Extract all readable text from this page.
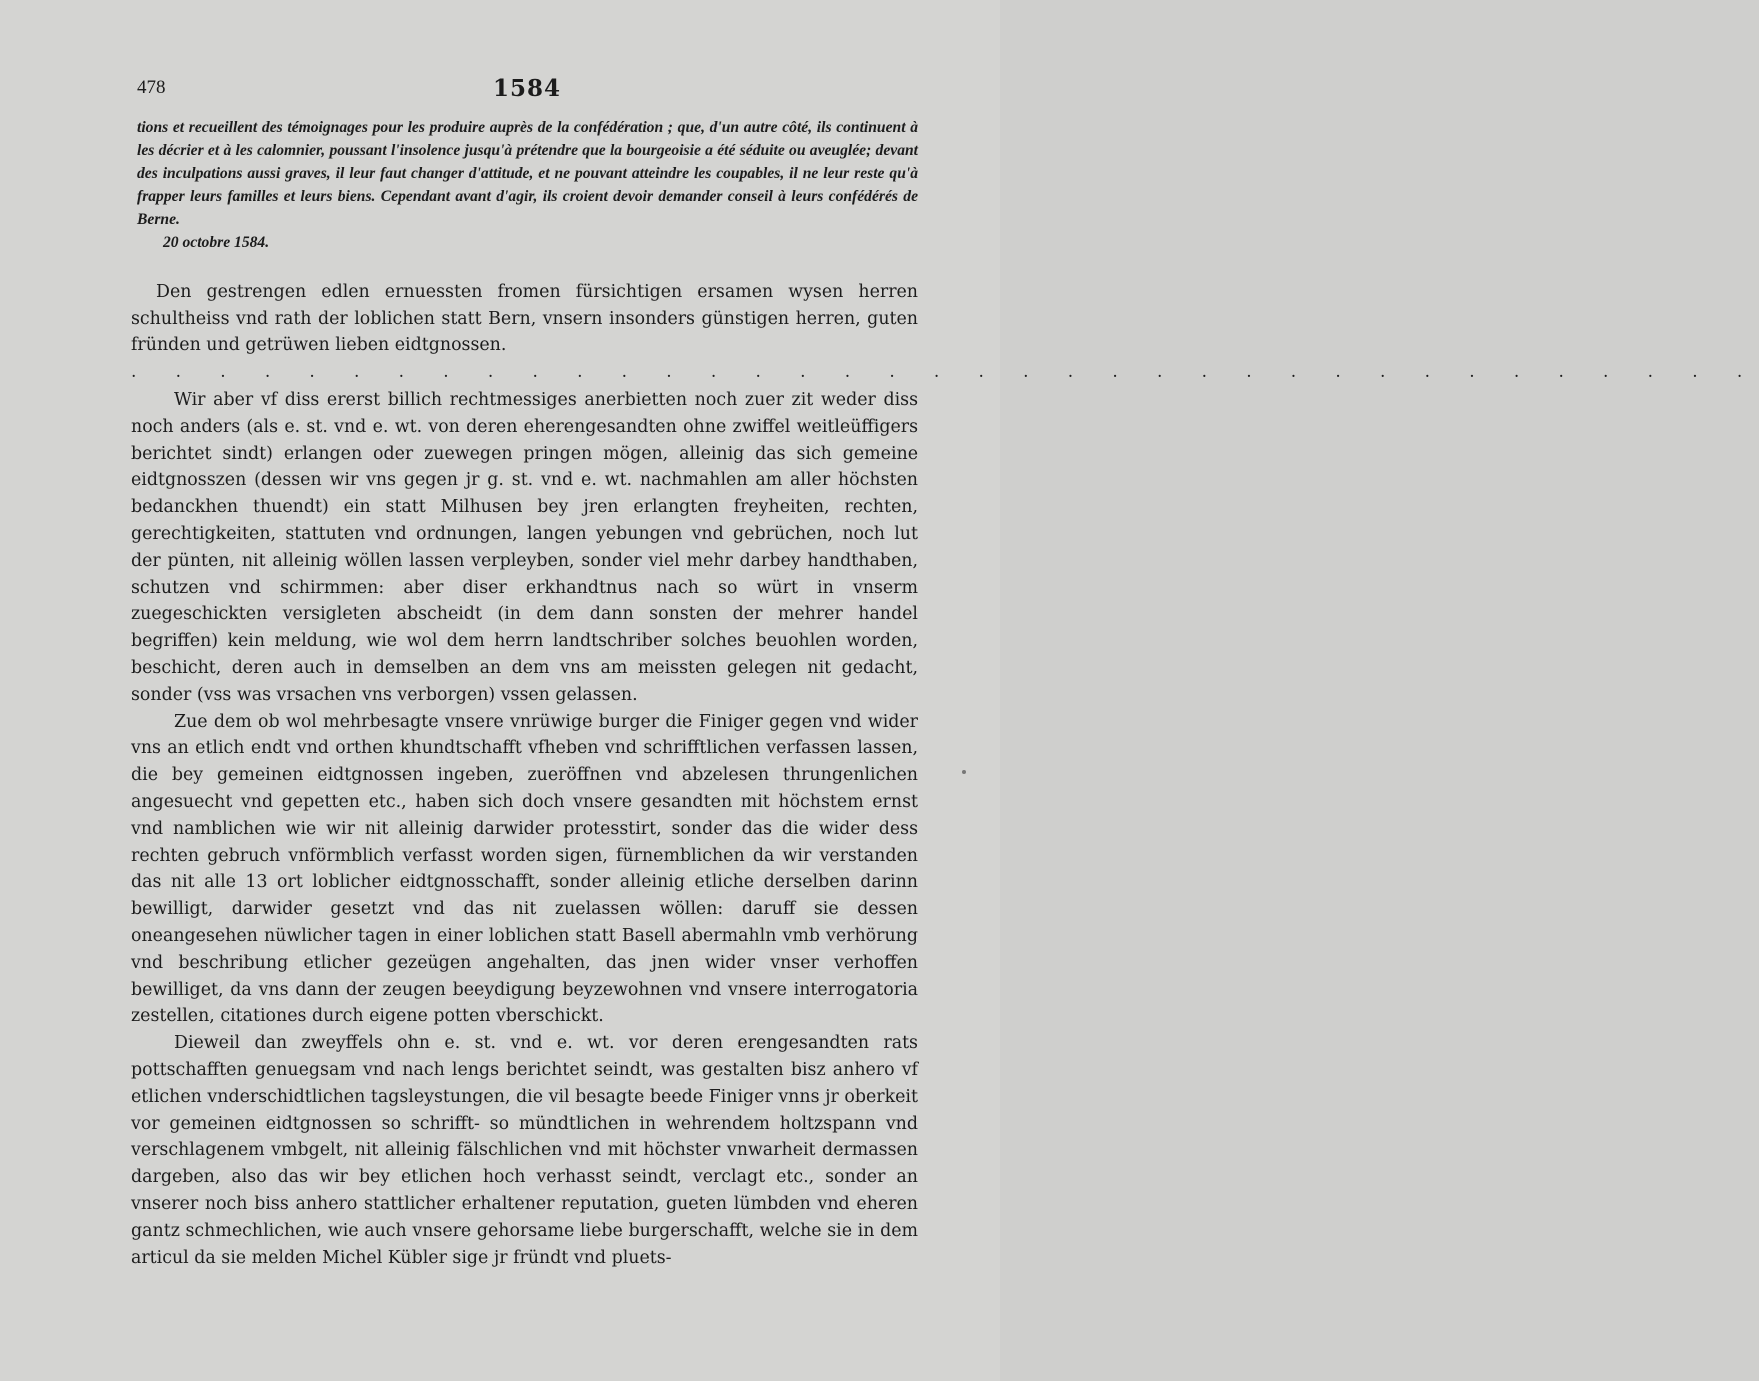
478	1584

tions et recueillent des témoignages pour les produire auprès de la confédération ; que, d'un autre côté, ils continuent à les décrier et à les calomnier, poussant l'insolence jusqu'à prétendre que la bourgeoisie a été séduite ou aveuglée; devant des inculpations aussi graves, il leur faut changer d'attitude, et ne pouvant atteindre les coupables, il ne leur reste qu'à frapper leurs familles et leurs biens. Cependant avant d'agir, ils croient devoir demander conseil à leurs confédérés de Berne.

20 octobre 1584.

Den gestrengen edlen ernuessten fromen fürsichtigen ersamen wysen herren schultheiss vnd rath der loblichen statt Bern, vnsern insonders günstigen herren, guten fründen und getrüwen lieben eidtgnossen.

. . . . . . . . . . . . . . . . . . . . . . . . . . . . . . . . . . . . .

Wir aber vf diss ererst billich rechtmessiges anerbietten noch zuer zit weder diss noch anders (als e. st. vnd e. wt. von deren eherengesandten ohne zwiffel weitleüffigers berichtet sindt) erlangen oder zuewegen pringen mögen, alleinig das sich gemeine eidtgnosszen (dessen wir vns gegen jr g. st. vnd e. wt. nachmahlen am aller höchsten bedanckhen thuendt) ein statt Milhusen bey jren erlangten freyheiten, rechten, gerechtigkeiten, stattuten vnd ordnungen, langen yebungen vnd gebrüchen, noch lut der pünten, nit alleinig wöllen lassen verpleyben, sonder viel mehr darbey handthaben, schutzen vnd schirmmen: aber diser erkhandtnus nach so würt in vnserm zuegeschickten versigleten abscheidt (in dem dann sonsten der mehrer handel begriffen) kein meldung, wie wol dem herrn landtschriber solches beuohlen worden, beschicht, deren auch in demselben an dem vns am meissten gelegen nit gedacht, sonder (vss was vrsachen vns verborgen) vssen gelassen.

Zue dem ob wol mehrbesagte vnsere vnrüwige burger die Finiger gegen vnd wider vns an etlich endt vnd orthen khundtschafft vfheben vnd schrifftlichen verfassen lassen, die bey gemeinen eidtgnossen ingeben, zueröffnen vnd abzelesen thrungenlichen angesuecht vnd gepetten etc., haben sich doch vnsere gesandten mit höchstem ernst vnd namblichen wie wir nit alleinig darwider protesstirt, sonder das die wider dess rechten gebruch vnförmblich verfasst worden sigen, fürnemblichen da wir verstanden das nit alle 13 ort loblicher eidtgnosschafft, sonder alleinig etliche derselben darinn bewilligt, darwider gesetzt vnd das nit zuelassen wöllen: daruff sie dessen oneangesehen nüwlicher tagen in einer loblichen statt Basell abermahln vmb verhörung vnd beschribung etlicher gezeügen angehalten, das jnen wider vnser verhoffen bewilliget, da vns dann der zeugen beeydigung beyzewohnen vnd vnsere interrogatoria zestellen, citationes durch eigene potten vberschickt.

Dieweil dan zweyffels ohn e. st. vnd e. wt. vor deren erengesandten rats pottschafften genuegsam vnd nach lengs berichtet seindt, was gestalten bisz anhero vf etlichen vnderschidtlichen tagsleystungen, die vil besagte beede Finiger vnns jr oberkeit vor gemeinen eidtgnossen so schrifft- so mündtlichen in wehrendem holtzspann vnd verschlagenem vmbgelt, nit alleinig fälschlichen vnd mit höchster vnwarheit dermassen dargeben, also das wir bey etlichen hoch verhasst seindt, verclagt etc., sonder an vnserer noch biss anhero stattlicher erhaltener reputation, gueten lümbden vnd eheren gantz schmechlichen, wie auch vnsere gehorsame liebe burgerschafft, welche sie in dem articul da sie melden Michel Kübler sige jr fründt vnd pluets-
